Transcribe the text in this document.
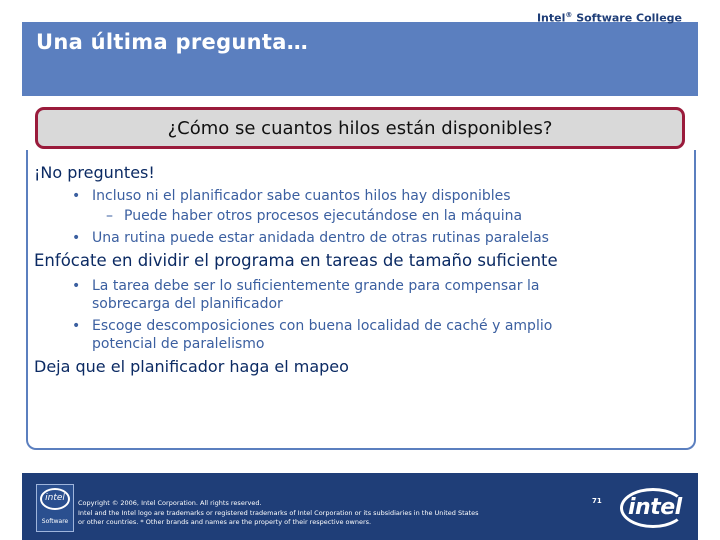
Intel® Software College
Una última pregunta…
¿Cómo se cuantos hilos están disponibles?

¡No preguntes!

• Incluso ni el planificador sabe cuantos hilos hay disponibles

– Puede haber otros procesos ejecutándose en la máquina

• Una rutina puede estar anidada dentro de otras rutinas paralelas

Enfócate en dividir el programa en tareas de tamaño suficiente

• La tarea debe ser lo suficientemente grande para compensar la

sobrecarga del planificador

• Escoge descomposiciones con buena localidad de caché y amplio

potencial de paralelismo

Deja que el planificador haga el mapeo

intel
Software
Copyright © 2006, Intel Corporation. All rights reserved.
Intel and the Intel logo are trademarks or registered trademarks of Intel Corporation or its subsidiaries in the United States
or other countries. * Other brands and names are the property of their respective owners.
71 intel
